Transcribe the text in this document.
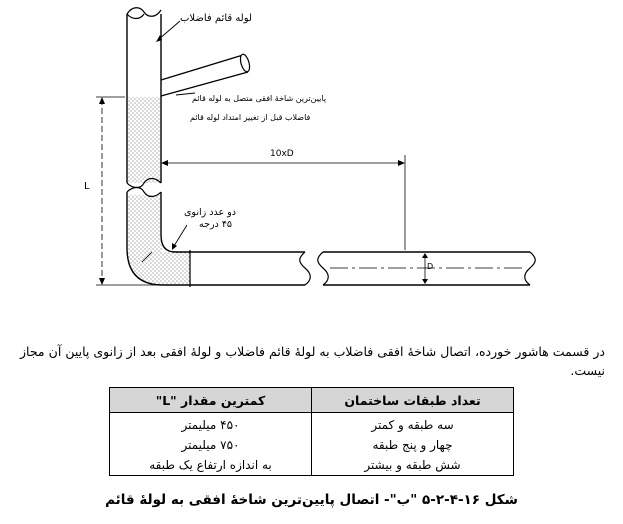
لوله قائم فاضلاب
پایین‌ترین شاخهٔ افقی متصل به لوله قائم
فاضلاب قبل از تغییر امتداد لوله قائم
دو عدد زانوی
۴۵ درجه
10xD
L
D
در قسمت هاشور خورده، اتصال شاخهٔ افقی فاضلاب به لولهٔ قائم فاضلاب و لولهٔ افقی بعد از زانوی پایین آن مجاز
نیست.
تعداد طبقات ساختمان	کمترین مقدار "L"
سه طبقه و کمتر	۴۵۰ میلیمتر
چهار و پنج طبقه	۷۵۰ میلیمتر
شش طبقه و بیشتر	به اندازه ارتفاع یک طبقه
شکل ۱۶-۴-۲-۵ "ب"- اتصال پایین‌ترین شاخهٔ افقی به لولهٔ قائم
